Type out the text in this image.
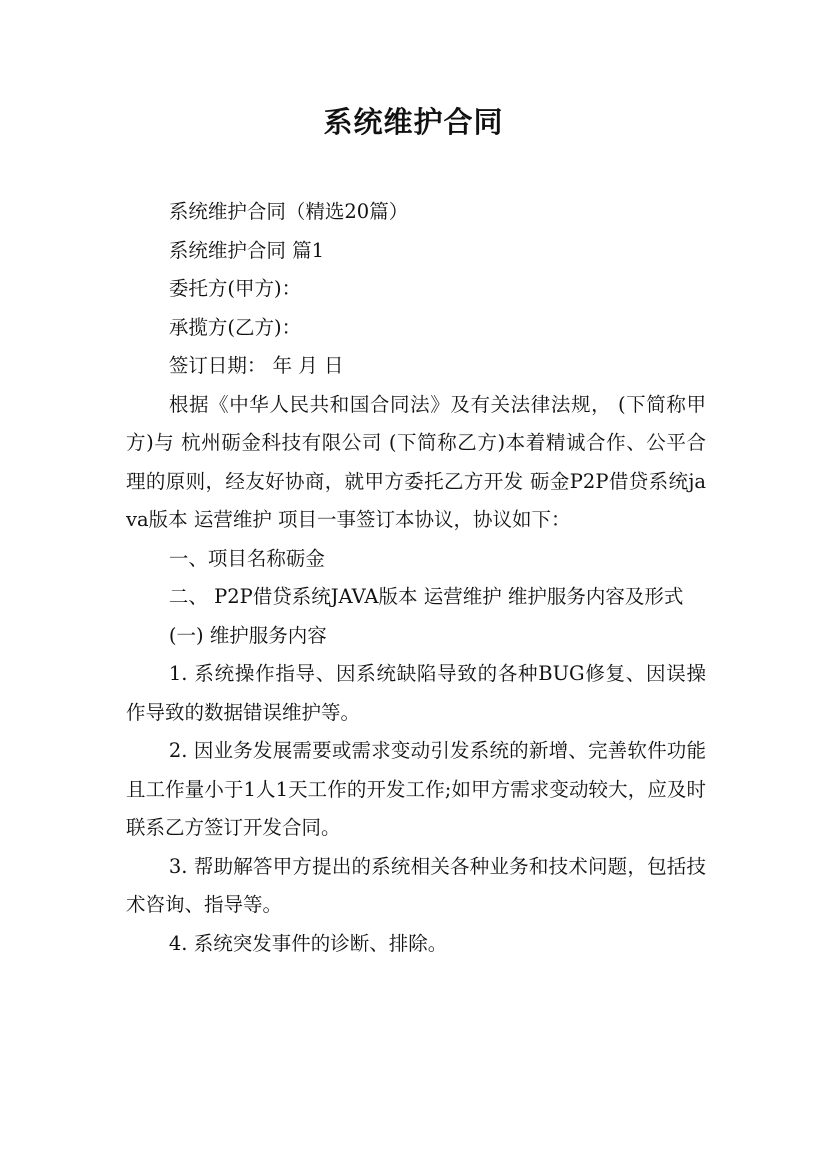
系统维护合同

系统维护合同（精选20篇）

系统维护合同 篇1

委托方(甲方)：

承揽方(乙方)：

签订日期： 年 月 日

根据《中华人民共和国合同法》及有关法律法规， (下简称甲方)与 杭州砺金科技有限公司 (下简称乙方)本着精诚合作、公平合理的原则，经友好协商，就甲方委托乙方开发 砺金P2P借贷系统java版本 运营维护 项目一事签订本协议，协议如下：

一、项目名称砺金

二、 P2P借贷系统JAVA版本 运营维护 维护服务内容及形式

(一) 维护服务内容

1. 系统操作指导、因系统缺陷导致的各种BUG修复、因误操作导致的数据错误维护等。

2. 因业务发展需要或需求变动引发系统的新增、完善软件功能且工作量小于1人1天工作的开发工作;如甲方需求变动较大，应及时联系乙方签订开发合同。

3. 帮助解答甲方提出的系统相关各种业务和技术问题，包括技术咨询、指导等。

4. 系统突发事件的诊断、排除。
